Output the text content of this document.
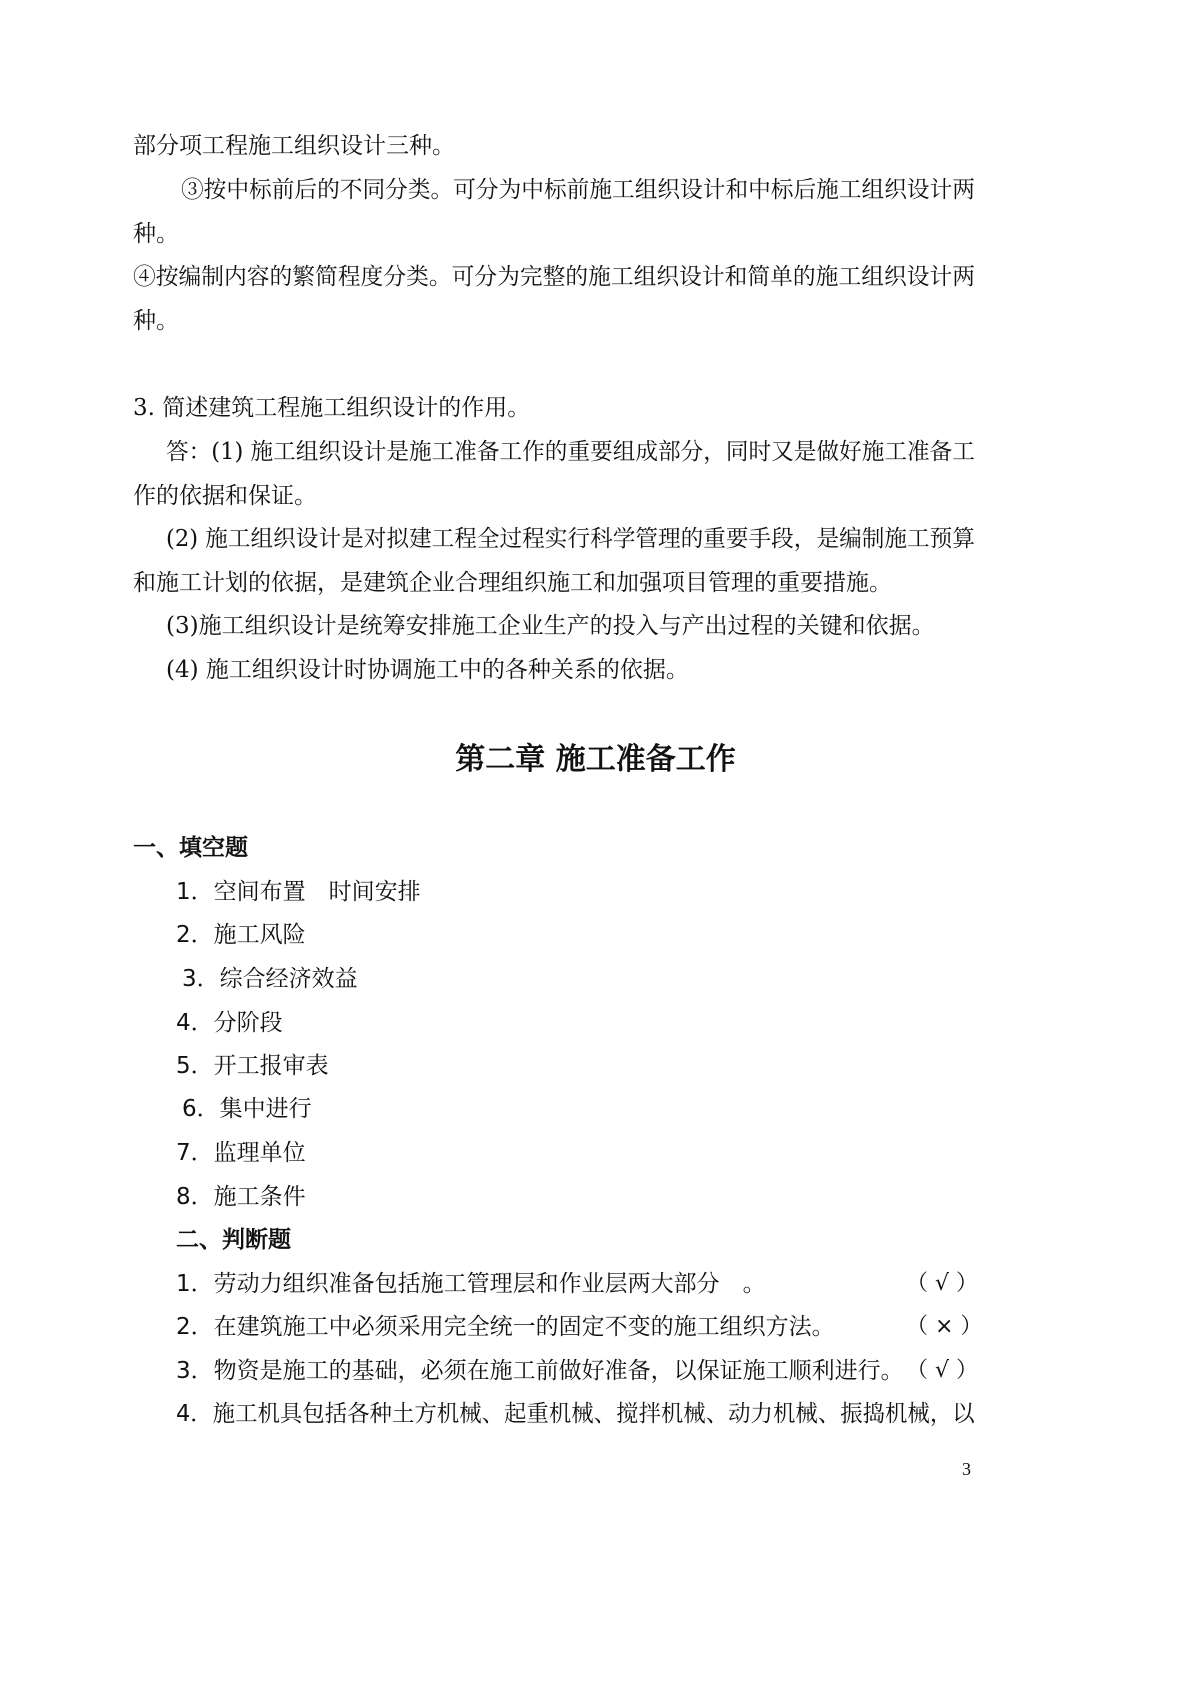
部分项工程施工组织设计三种。
③按中标前后的不同分类。可分为中标前施工组织设计和中标后施工组织设计两
种。
④按编制内容的繁简程度分类。可分为完整的施工组织设计和简单的施工组织设计两
种。
3. 简述建筑工程施工组织设计的作用。
答：(1) 施工组织设计是施工准备工作的重要组成部分，同时又是做好施工准备工
作的依据和保证。
(2) 施工组织设计是对拟建工程全过程实行科学管理的重要手段，是编制施工预算
和施工计划的依据，是建筑企业合理组织施工和加强项目管理的重要措施。
(3)施工组织设计是统筹安排施工企业生产的投入与产出过程的关键和依据。
(4) 施工组织设计时协调施工中的各种关系的依据。
第二章 施工准备工作
一、填空题
1．空间布置　时间安排
2．施工风险
3．综合经济效益
4．分阶段
5．开工报审表
6．集中进行
7．监理单位
8．施工条件
二、判断题
1．劳动力组织准备包括施工管理层和作业层两大部分　。	（ √ ）
2．在建筑施工中必须采用完全统一的固定不变的施工组织方法。	（ × ）
3．物资是施工的基础，必须在施工前做好准备，以保证施工顺利进行。 （ √ ）
4．施工机具包括各种土方机械、起重机械、搅拌机械、动力机械、振捣机械，以
3
